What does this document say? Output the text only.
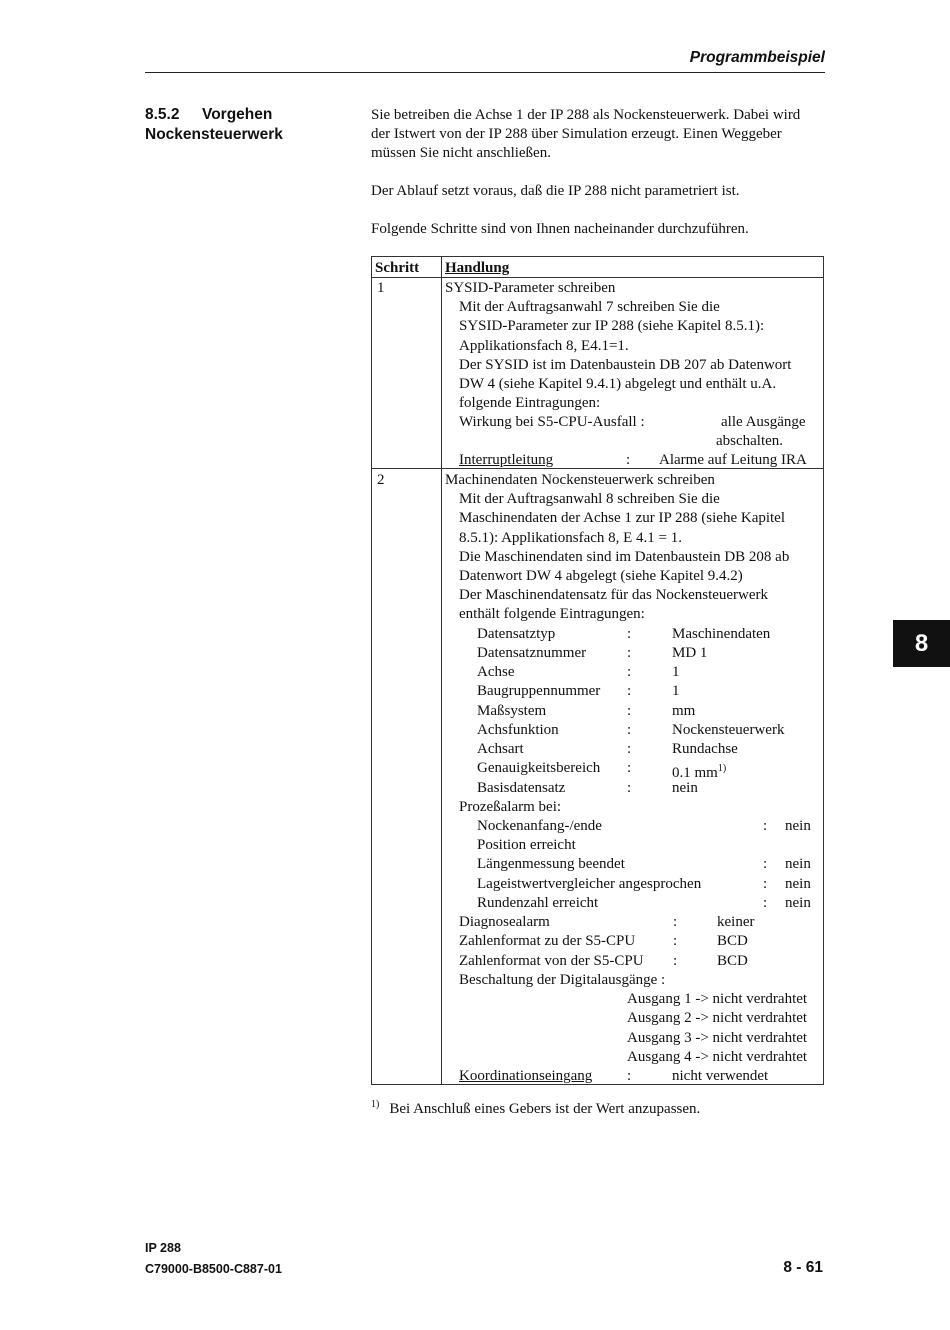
Programmbeispiel
8.5.2 Vorgehen
Nockensteuerwerk
Sie betreiben die Achse 1 der IP 288 als Nockensteuerwerk. Dabei wird der Istwert von der IP 288 über Simulation erzeugt. Einen Weggeber müssen Sie nicht anschließen.
Der Ablauf setzt voraus, daß die IP 288 nicht parametriert ist.
Folgende Schritte sind von Ihnen nacheinander durchzuführen.
Schritt Handlung
1	SYSID-Parameter schreiben
Mit der Auftragsanwahl 7 schreiben Sie die
SYSID-Parameter zur IP 288 (siehe Kapitel 8.5.1):
Applikationsfach 8, E4.1=1.
Der SYSID ist im Datenbaustein DB 207 ab Datenwort
DW 4 (siehe Kapitel 9.4.1) abgelegt und enthält u.A.
folgende Eintragungen:
Wirkung bei S5-CPU-Ausfall :	alle Ausgänge
abschalten.
Interruptleitung	: Alarme auf Leitung IRA
2	Machinendaten Nockensteuerwerk schreiben
Mit der Auftragsanwahl 8 schreiben Sie die
Maschinendaten der Achse 1 zur IP 288 (siehe Kapitel
8.5.1): Applikationsfach 8, E 4.1 = 1.
Die Maschinendaten sind im Datenbaustein DB 208 ab
Datenwort DW 4 abgelegt (siehe Kapitel 9.4.2)
Der Maschinendatensatz für das Nockensteuerwerk
enthält folgende Eintragungen:
Datensatztyp	:	Maschinendaten
Datensatznummer	:	MD 1
Achse	:	1
Baugruppennummer :	1
Maßsystem	:	mm
Achsfunktion	:	Nockensteuerwerk
Achsart	:	Rundachse
Genauigkeitsbereich :	0.1 $mm^{1)}$
Basisdatensatz	:	nein
Prozeßalarm bei:
Nockenanfang-/ende	: nein
Position erreicht
Längenmessung beendet	: nein
Lageistwertvergleicher angesprochen	: nein
Rundenzahl erreicht	: nein
Diagnosealarm	:	keiner
Zahlenformat zu der S5-CPU	:	BCD
Zahlenformat von der S5-CPU :	BCD
Beschaltung der Digitalausgänge :
Ausgang 1 -> nicht verdrahtet
Ausgang 2 -> nicht verdrahtet
Ausgang 3 -> nicht verdrahtet
Ausgang 4 -> nicht verdrahtet
Koordinationseingang :	nicht verwendet
8
$^{1)}$ Bei Anschluß eines Gebers ist der Wert anzupassen.
IP 288
C79000-B8500-C887-01	8 - 61
